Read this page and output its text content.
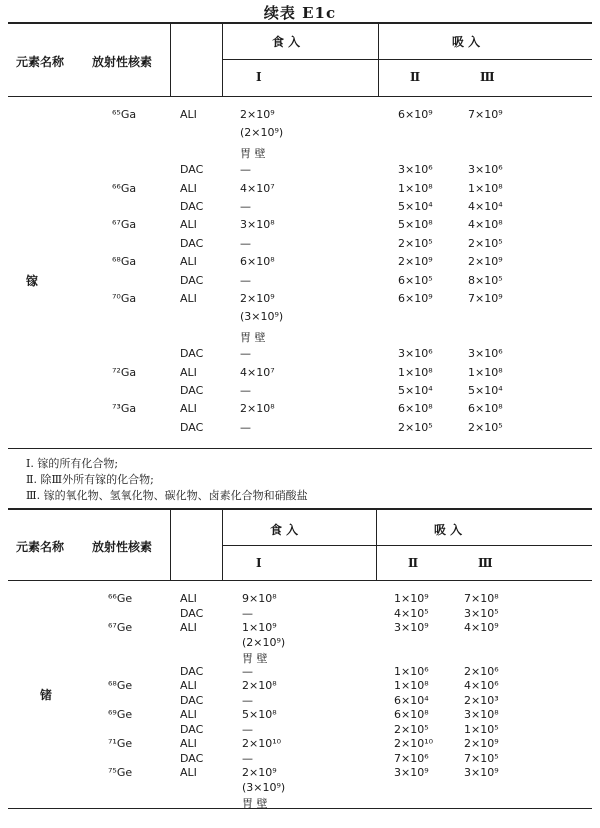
续表 E1c
元素名称 放射性核素
食 入	吸 入
Ⅰ	Ⅱ	Ⅲ
镓
⁶⁵Ga	ALI	2×10⁹	6×10⁹	7×10⁹
(2×10⁹)
胃 壁
DAC	—	3×10⁶	3×10⁶
⁶⁶Ga	ALI	4×10⁷	1×10⁸	1×10⁸
DAC	—	5×10⁴	4×10⁴
⁶⁷Ga	ALI	3×10⁸	5×10⁸	4×10⁸
DAC	—	2×10⁵	2×10⁵
⁶⁸Ga	ALI	6×10⁸	2×10⁹	2×10⁹
DAC	—	6×10⁵	8×10⁵
⁷⁰Ga	ALI	2×10⁹	6×10⁹	7×10⁹
(3×10⁹)
胃 壁
DAC	—	3×10⁶	3×10⁶
⁷²Ga	ALI	4×10⁷	1×10⁸	1×10⁸
DAC	—	5×10⁴	5×10⁴
⁷³Ga	ALI	2×10⁸	6×10⁸	6×10⁸
DAC	—	2×10⁵	2×10⁵
Ⅰ. 镓的所有化合物;
Ⅱ. 除Ⅲ外所有镓的化合物;
Ⅲ. 镓的氧化物、氢氧化物、碳化物、卤素化合物和硝酸盐
元素名称 放射性核素
食 入	吸 入
Ⅰ	Ⅱ	Ⅲ
锗
⁶⁶Ge	ALI	9×10⁸	1×10⁹	7×10⁸
DAC	—	4×10⁵	3×10⁵
⁶⁷Ge	ALI	1×10⁹	3×10⁹	4×10⁹
(2×10⁹)
胃 壁
DAC	—	1×10⁶	2×10⁶
⁶⁸Ge	ALI	2×10⁸	1×10⁸	4×10⁶
DAC	—	6×10⁴	2×10³
⁶⁹Ge	ALI	5×10⁸	6×10⁸	3×10⁸
DAC	—	2×10⁵	1×10⁵
⁷¹Ge	ALI	2×10¹⁰	2×10¹⁰	2×10⁹
DAC	—	7×10⁶	7×10⁵
⁷⁵Ge	ALI	2×10⁹	3×10⁹	3×10⁹
(3×10⁹)
胃 壁
